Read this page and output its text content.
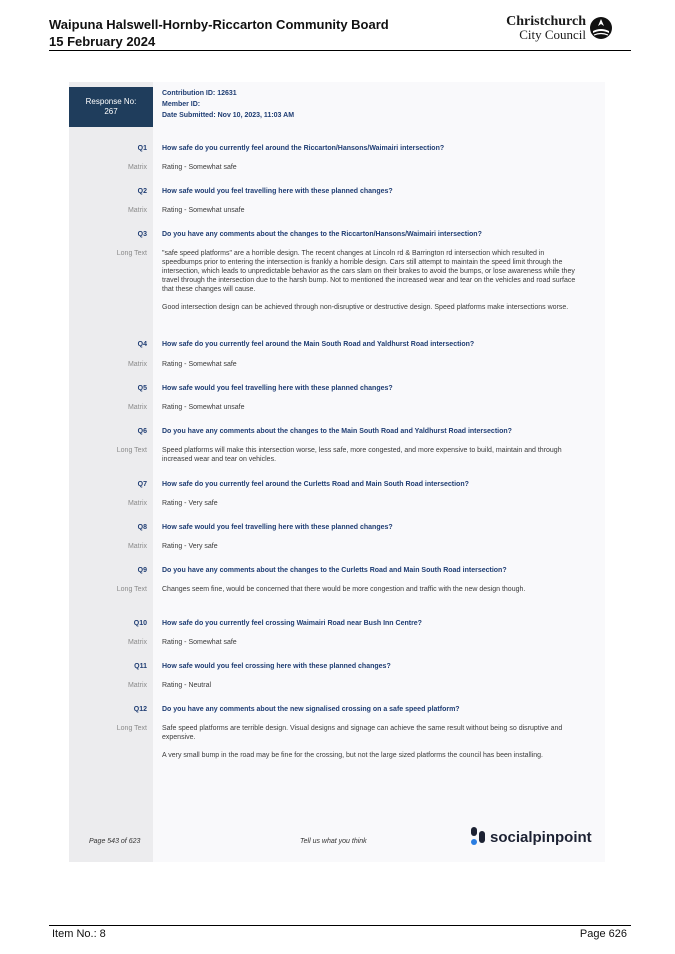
Waipuna Halswell-Hornby-Riccarton Community Board
15 February 2024
Christchurch
City Council
Response No:
267
Contribution ID: 12631
Member ID:
Date Submitted: Nov 10, 2023, 11:03 AM
Q1 How safe do you currently feel around the Riccarton/Hansons/Waimairi intersection?
Matrix Rating - Somewhat safe

Q2 How safe would you feel travelling here with these planned changes?
Matrix Rating - Somewhat unsafe

Q3 Do you have any comments about the changes to the Riccarton/Hansons/Waimairi intersection?
Long Text "safe speed platforms" are a horrible design. The recent changes at Lincoln rd & Barrington rd intersection which resulted in speedbumps prior to entering the intersection is frankly a horrible design. Cars still attempt to maintain the speed limit through the intersection, which leads to unpredictable behavior as the cars slam on their brakes to avoid the bumps, or lose awareness while they travel through the intersection due to the harsh bump. Not to mentioned the increased wear and tear on the vehicles and road surface that these changes will cause.

Good intersection design can be achieved through non-disruptive or destructive design. Speed platforms make intersections worse.

Q4 How safe do you currently feel around the Main South Road and Yaldhurst Road intersection?
Matrix Rating - Somewhat safe

Q5 How safe would you feel travelling here with these planned changes?
Matrix Rating - Somewhat unsafe

Q6 Do you have any comments about the changes to the Main South Road and Yaldhurst Road intersection?
Long Text Speed platforms will make this intersection worse, less safe, more congested, and more expensive to build, maintain and through increased wear and tear on vehicles.

Q7 How safe do you currently feel around the Curletts Road and Main South Road intersection?
Matrix Rating - Very safe

Q8 How safe would you feel travelling here with these planned changes?
Matrix Rating - Very safe

Q9 Do you have any comments about the changes to the Curletts Road and Main South Road intersection?
Long Text Changes seem fine, would be concerned that there would be more congestion and traffic with the new design though.

Q10 How safe do you currently feel crossing Waimairi Road near Bush Inn Centre?
Matrix Rating - Somewhat safe

Q11 How safe would you feel crossing here with these planned changes?
Matrix Rating - Neutral

Q12 Do you have any comments about the new signalised crossing on a safe speed platform?
Long Text Safe speed platforms are terrible design. Visual designs and signage can achieve the same result without being so disruptive and expensive.

A very small bump in the road may be fine for the crossing, but not the large sized platforms the council has been installing.

Page 543 of 623	Tell us what you think	socialpinpoint
Item No.: 8	Page 626
